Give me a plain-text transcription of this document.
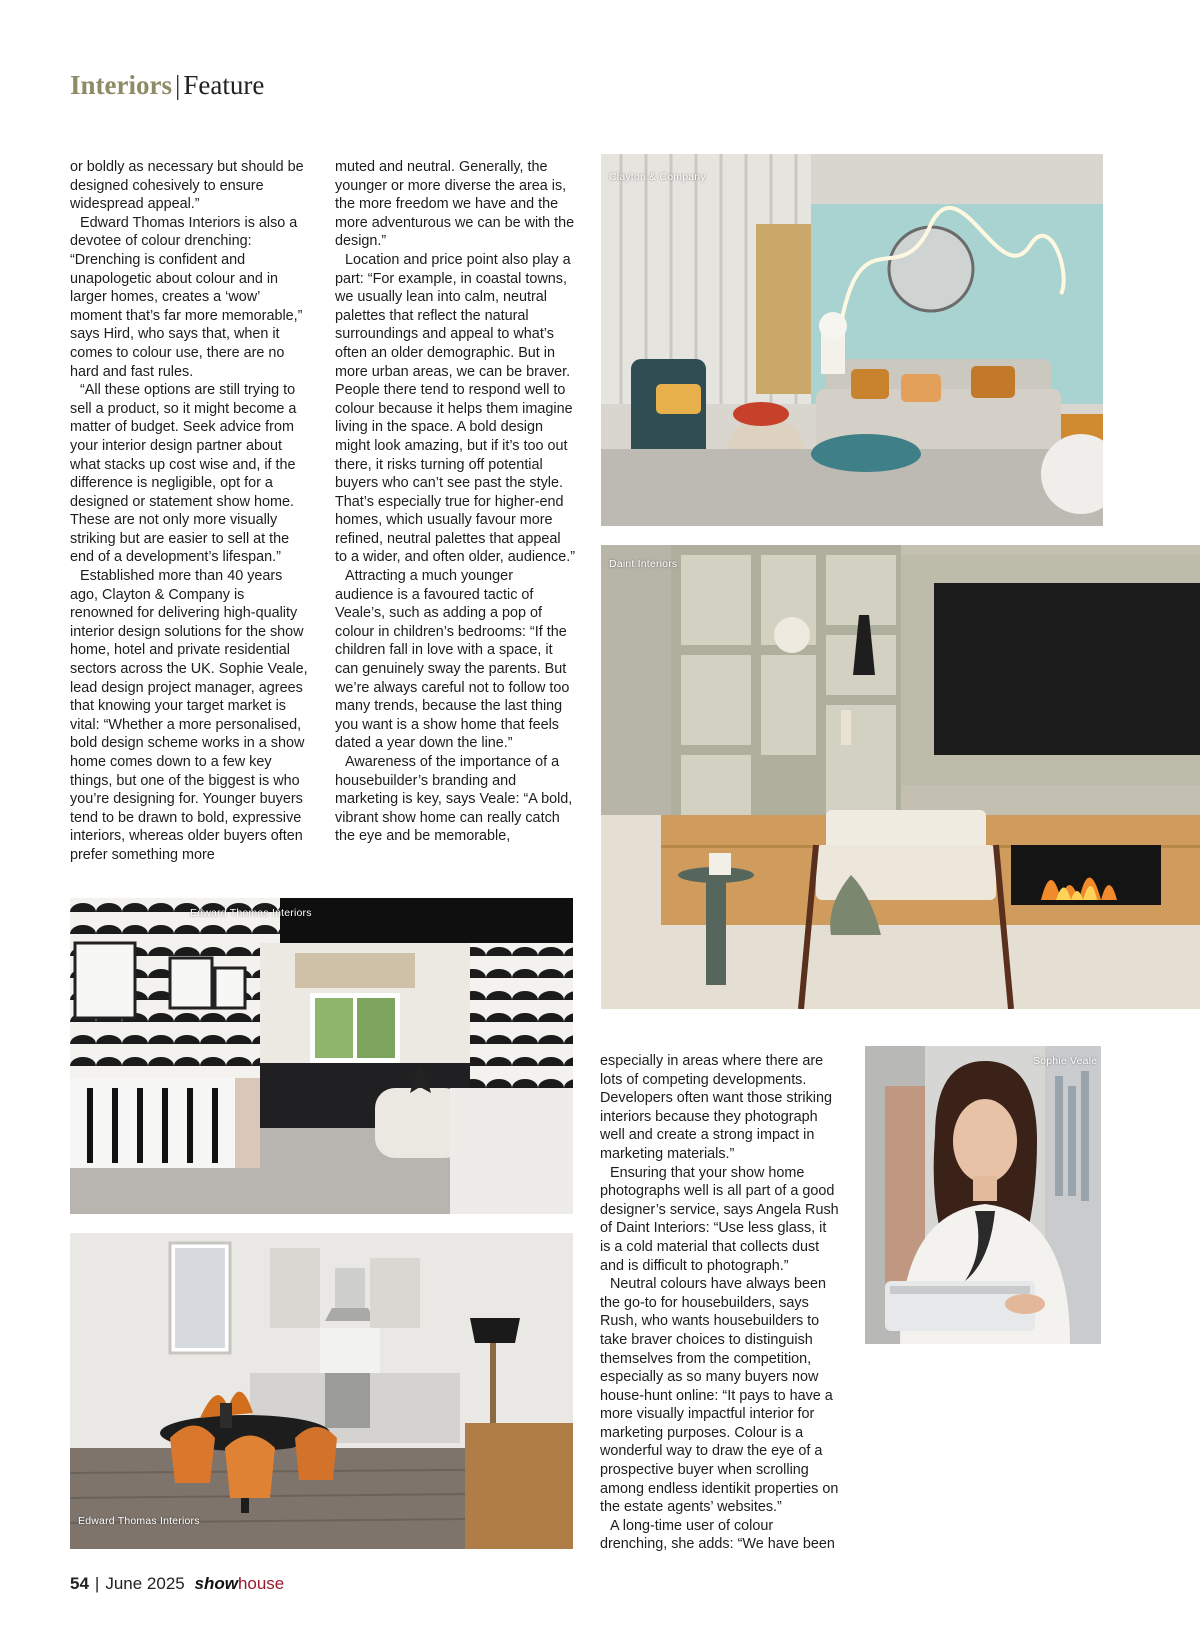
Interiors | Feature

or boldly as necessary but should be designed cohesively to ensure widespread appeal.”

Edward Thomas Interiors is also a devotee of colour drenching: “Drenching is confident and unapologetic about colour and in larger homes, creates a ‘wow’ moment that’s far more memorable,” says Hird, who says that, when it comes to colour use, there are no hard and fast rules.

“All these options are still trying to sell a product, so it might become a matter of budget. Seek advice from your interior design partner about what stacks up cost wise and, if the difference is negligible, opt for a designed or statement show home. These are not only more visually striking but are easier to sell at the end of a development’s lifespan.”

Established more than 40 years ago, Clayton & Company is renowned for delivering high-quality interior design solutions for the show home, hotel and private residential sectors across the UK. Sophie Veale, lead design project manager, agrees that knowing your target market is vital: “Whether a more personalised, bold design scheme works in a show home comes down to a few key things, but one of the biggest is who you’re designing for. Younger buyers tend to be drawn to bold, expressive interiors, whereas older buyers often prefer something more

muted and neutral. Generally, the younger or more diverse the area is, the more freedom we have and the more adventurous we can be with the design.”

Location and price point also play a part: “For example, in coastal towns, we usually lean into calm, neutral palettes that reflect the natural surroundings and appeal to what’s often an older demographic. But in more urban areas, we can be braver. People there tend to respond well to colour because it helps them imagine living in the space. A bold design might look amazing, but if it’s too out there, it risks turning off potential buyers who can’t see past the style. That’s especially true for higher-end homes, which usually favour more refined, neutral palettes that appeal to a wider, and often older, audience.”

Attracting a much younger audience is a favoured tactic of Veale’s, such as adding a pop of colour in children’s bedrooms: “If the children fall in love with a space, it can genuinely sway the parents. But we’re always careful not to follow too many trends, because the last thing you want is a show home that feels dated a year down the line.”

Awareness of the importance of a housebuilder’s branding and marketing is key, says Veale: “A bold, vibrant show home can really catch the eye and be memorable,

especially in areas where there are lots of competing developments. Developers often want those striking interiors because they photograph well and create a strong impact in marketing materials.”

Ensuring that your show home photographs well is all part of a good designer’s service, says Angela Rush of Daint Interiors: “Use less glass, it is a cold material that collects dust and is difficult to photograph.”

Neutral colours have always been the go-to for housebuilders, says Rush, who wants housebuilders to take braver choices to distinguish themselves from the competition, especially as so many buyers now house-hunt online: “It pays to have a more visually impactful interior for marketing purposes. Colour is a wonderful way to draw the eye of a prospective buyer when scrolling among endless identikit properties on the estate agents’ websites.”

A long-time user of colour drenching, she adds: “We have been

Clayton & Company
Daint Interiors
Edward Thomas Interiors
Edward Thomas Interiors
Sophie Veale
54 | June 2025 showhouse
